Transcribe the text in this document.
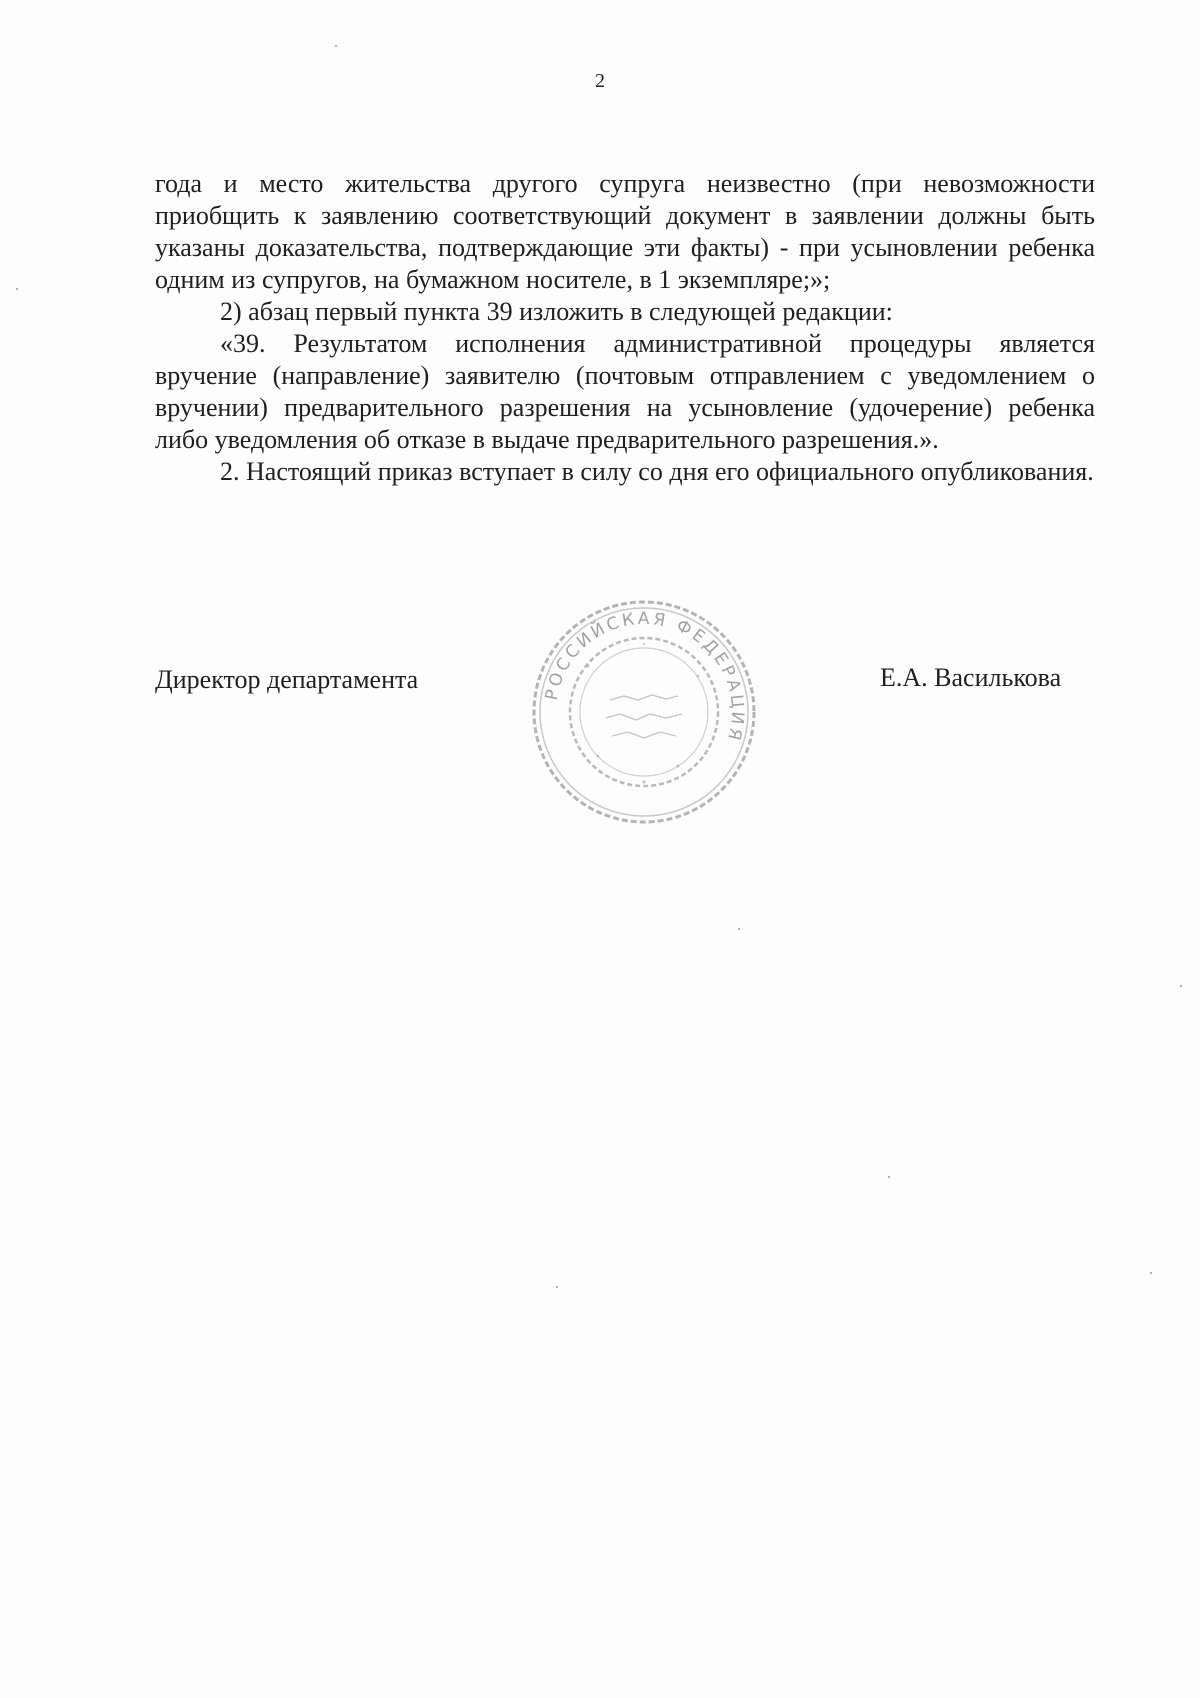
2

года и место жительства другого супруга неизвестно (при невозможности приобщить к заявлению соответствующий документ в заявлении должны быть указаны доказательства, подтверждающие эти факты) - при усыновлении ребенка одним из супругов, на бумажном носителе, в 1 экземпляре;»;

2) абзац первый пункта 39 изложить в следующей редакции:

«39. Результатом исполнения административной процедуры является вручение (направление) заявителю (почтовым отправлением с уведомлением о вручении) предварительного разрешения на усыновление (удочерение) ребенка либо уведомления об отказе в выдаче предварительного разрешения.».

2. Настоящий приказ вступает в силу со дня его официального опубликования.

Директор департамента	РОССИЙСКАЯ ФЕДЕРАЦИЯ
Е.А. Василькова
